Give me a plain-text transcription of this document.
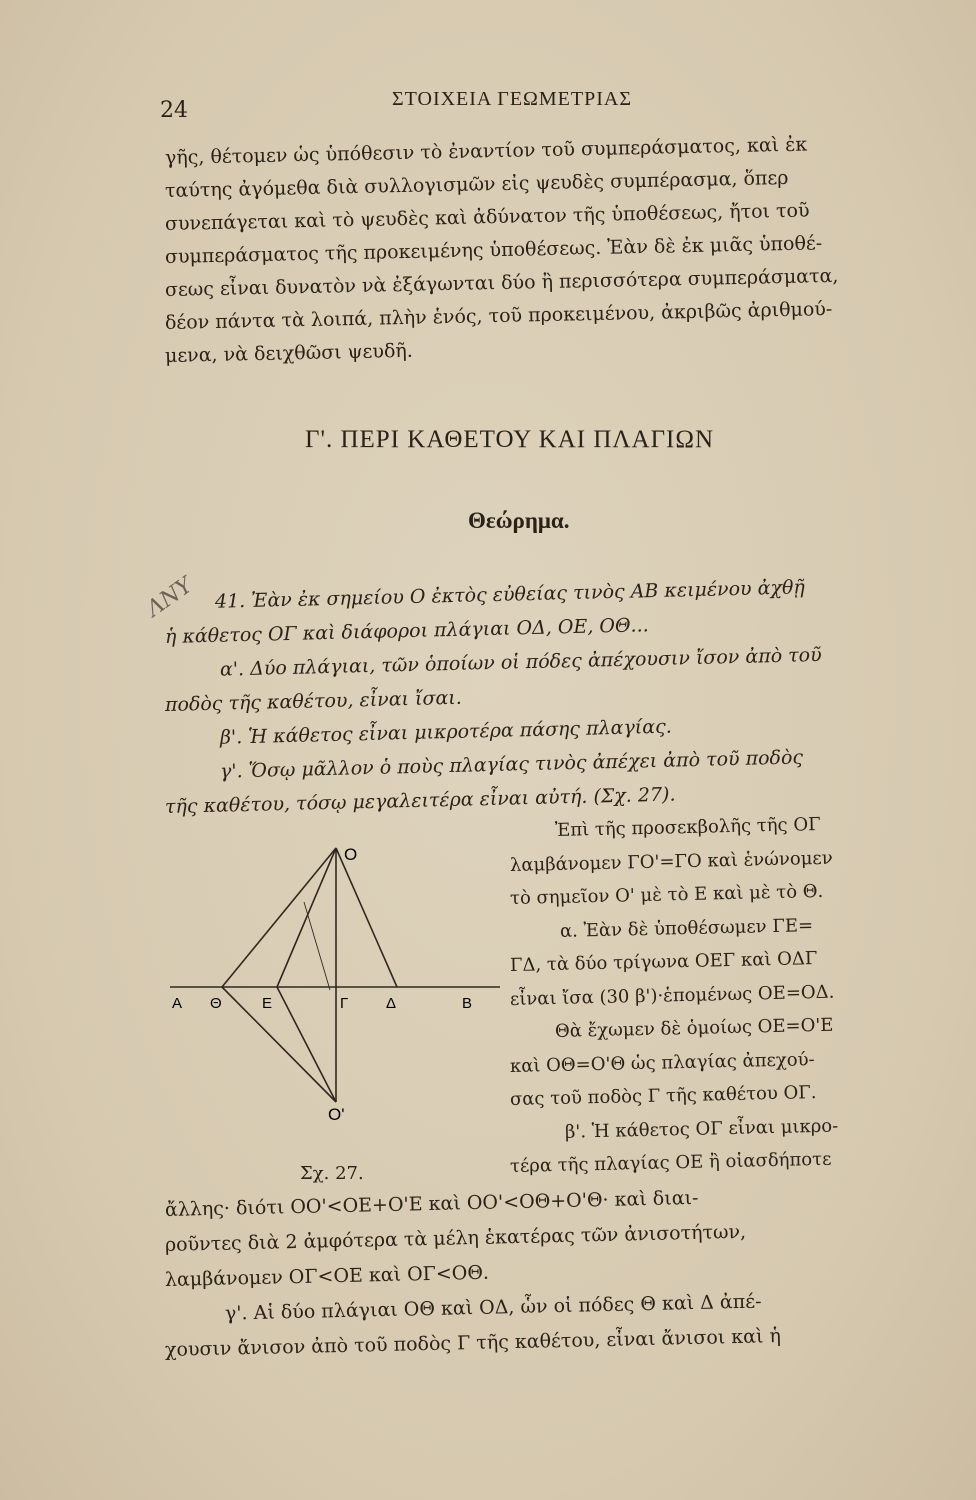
24	ΣΤΟΙΧΕΙΑ ΓΕΩΜΕΤΡΙΑΣ
γῆς, θέτομεν ὡς ὑπόθεσιν τὸ ἐναντίον τοῦ συμπεράσματος, καὶ ἐκ
ταύτης ἀγόμεθα διὰ συλλογισμῶν εἰς ψευδὲς συμπέρασμα, ὅπερ
συνεπάγεται καὶ τὸ ψευδὲς καὶ ἀδύνατον τῆς ὑποθέσεως, ἤτοι τοῦ
συμπεράσματος τῆς προκειμένης ὑποθέσεως. Ἐὰν δὲ ἐκ μιᾶς ὑποθέ-
σεως εἶναι δυνατὸν νὰ ἐξάγωνται δύο ἢ περισσότερα συμπεράσματα,
δέον πάντα τὰ λοιπά, πλὴν ἑνός, τοῦ προκειμένου, ἀκριβῶς ἀριθμού-
μενα, νὰ δειχθῶσι ψευδῆ.
Γ'. ΠΕΡΙ ΚΑΘΕΤΟΥ ΚΑΙ ΠΛΑΓΙΩΝ
Θεώρημα.
ΛΝΥ 41. Ἐὰν ἐκ σημείου Ο ἐκτὸς εὐθείας τινὸς ΑΒ κειμένου ἀχθῇ
ἡ κάθετος ΟΓ καὶ διάφοροι πλάγιαι ΟΔ, ΟΕ, ΟΘ...
α'. Δύο πλάγιαι, τῶν ὁποίων οἱ πόδες ἀπέχουσιν ἴσον ἀπὸ τοῦ
ποδὸς τῆς καθέτου, εἶναι ἴσαι.
β'. Ἡ κάθετος εἶναι μικροτέρα πάσης πλαγίας.
γ'. Ὅσῳ μᾶλλον ὁ ποὺς πλαγίας τινὸς ἀπέχει ἀπὸ τοῦ ποδὸς
τῆς καθέτου, τόσῳ μεγαλειτέρα εἶναι αὐτή. (Σχ. 27).
Ἐπὶ τῆς προσεκβολῆς τῆς ΟΓ
λαμβάνομεν ΓΟ'=ΓΟ καὶ ἑνώνομεν
τὸ σημεῖον Ο' μὲ τὸ Ε καὶ μὲ τὸ Θ.
α. Ἐὰν δὲ ὑποθέσωμεν ΓΕ=
ΓΔ, τὰ δύο τρίγωνα ΟΕΓ καὶ ΟΔΓ
εἶναι ἴσα (30 β')·ἑπομένως ΟΕ=ΟΔ.
Θὰ ἔχωμεν δὲ ὁμοίως ΟΕ=Ο'Ε
καὶ ΟΘ=Ο'Θ ὡς πλαγίας ἀπεχού-
σας τοῦ ποδὸς Γ τῆς καθέτου ΟΓ.
β'. Ἡ κάθετος ΟΓ εἶναι μικρο-
τέρα τῆς πλαγίας ΟΕ ἢ οἱασδήποτε
O
O'
A Θ	E	Γ	Δ	B
Σχ. 27.
ἄλλης· διότι ΟΟ'<ΟΕ+Ο'Ε καὶ ΟΟ'<ΟΘ+Ο'Θ· καὶ διαι-
ροῦντες διὰ 2 ἀμφότερα τὰ μέλη ἑκατέρας τῶν ἀνισοτήτων,
λαμβάνομεν ΟΓ<ΟΕ καὶ ΟΓ<ΟΘ.
γ'. Αἱ δύο πλάγιαι ΟΘ καὶ ΟΔ, ὧν οἱ πόδες Θ καὶ Δ ἀπέ-
χουσιν ἄνισον ἀπὸ τοῦ ποδὸς Γ τῆς καθέτου, εἶναι ἄνισοι καὶ ἡ
